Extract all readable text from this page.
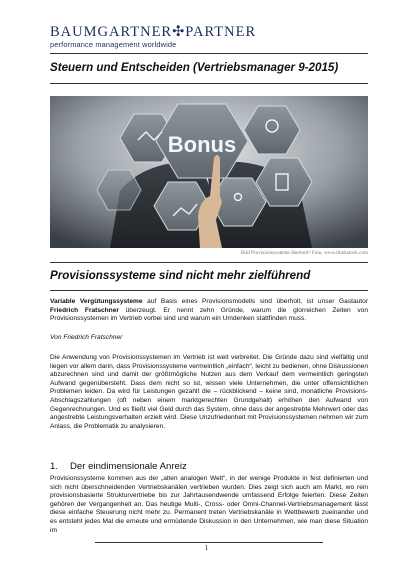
BAUMGARTNER✣PARTNER
performance management worldwide
Steuern und Entscheiden (Vertriebsmanager 9-2015)
Bonus
Bild Provisionssysteme überholt? Foto, www.thinkstock.com
Provisionssysteme sind nicht mehr zielführend
Variable Vergütungssysteme auf Basis eines Provisionsmodells sind überholt, ist unser Gastautor Friedrich Fratschner überzeugt. Er nennt zehn Gründe, warum die glorreichen Zeiten von Provisionssystemen im Vertrieb vorbei sind und warum ein Umdenken stattfinden muss.
Von Friedrich Fratschner
Die Anwendung von Provisionssystemen im Vertrieb ist weit verbreitet. Die Gründe dazu sind vielfältig und liegen vor allem darin, dass Provisionssysteme vermeintlich „einfach“, leicht zu bedienen, ohne Diskussionen abzurechnen sind und damit der größtmögliche Nutzen aus dem Verkauf dem vermeintlich geringsten Aufwand gegenübersteht. Dass dem nicht so ist, wissen viele Unternehmen, die unter offensichtlichen Problemen leiden. Da wird für Leistungen gezahlt die – rückblickend – keine sind, monatliche Provisions-Abschlagszahlungen (oft neben einem marktgerechten Grundgehalt) erhöhen den Aufwand von Gegenrechnungen. Und es fließt viel Geld durch das System, ohne dass der angestrebte Mehrwert oder das angestrebte Leistungsverhalten erzielt wird. Diese Unzufriedenheit mit Provisionssystemen nehmen wir zum Anlass, die Problematik zu analysieren.
1. Der eindimensionale Anreiz
Provisionssysteme kommen aus der „alten analogen Welt“, in der wenige Produkte in fest definierten und sich nicht überschneidenden Vertriebskanälen vertrieben wurden. Dies zeigt sich auch am Markt, wo rein provisionsbasierte Strukturvertriebe bis zur Jahrtausendwende umfassend Erfolge feierten. Diese Zeiten gehören der Vergangenheit an. Das heutige Multi-, Cross- oder Omni-Channel-Vertriebsmanagement lässt diese einfache Steuerung nicht mehr zu. Permanent treten Vertriebskanäle in Wettbewerb zueinander und es entsteht jedes Mal die erneute und ermüdende Diskussion in den Unternehmen, wie man diese Situation im
1
